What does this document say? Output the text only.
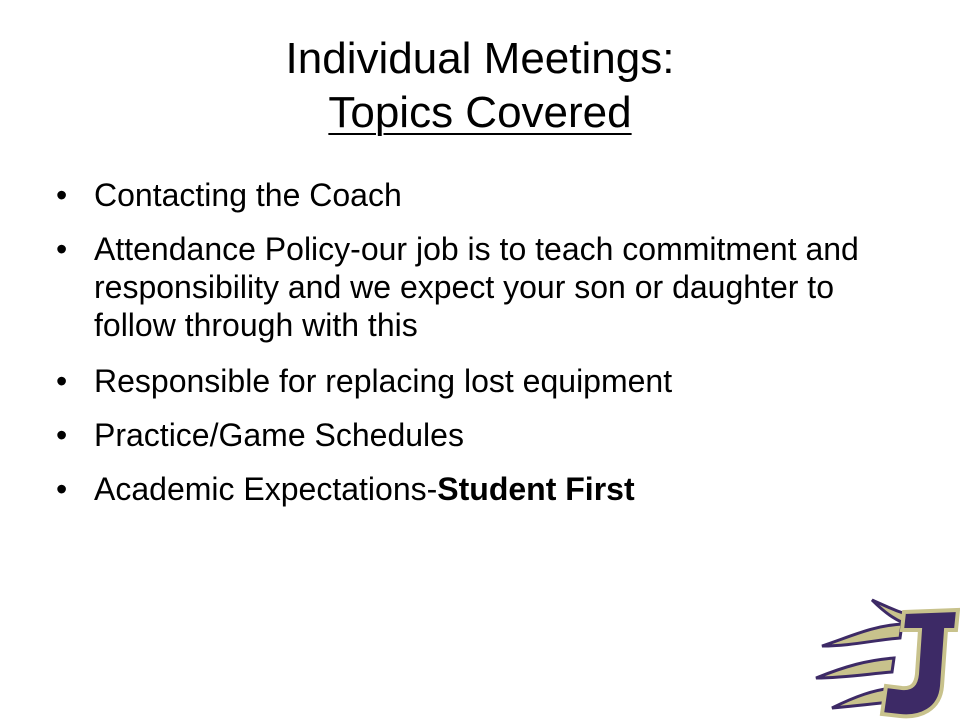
Individual Meetings:
Topics Covered
• Contacting the Coach
• Attendance Policy-our job is to teach commitment and responsibility and we expect your son or daughter to follow through with this
• Responsible for replacing lost equipment
• Practice/Game Schedules
• Academic Expectations-Student First
